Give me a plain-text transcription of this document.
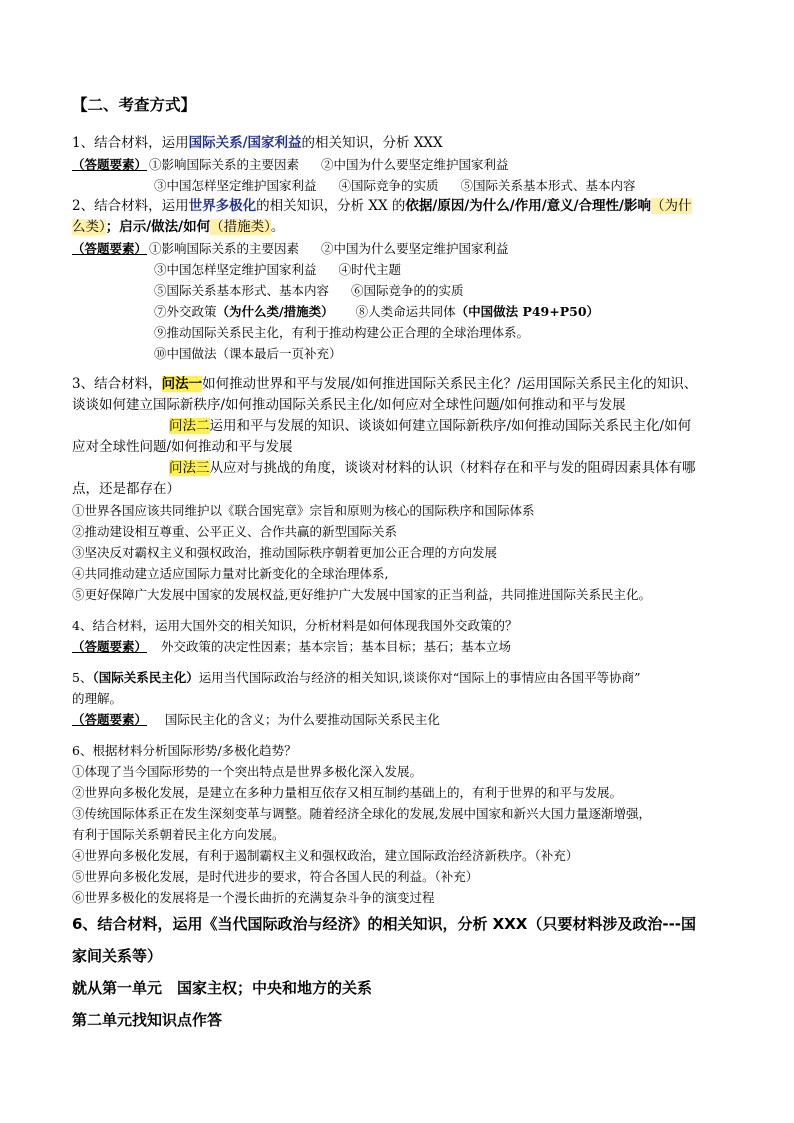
【二、考查方式】

1、结合材料，运用国际关系/国家利益的相关知识，分析 XXX

（答题要素） ①影响国际关系的主要因素 ②中国为什么要坚定维护国家利益

③中国怎样坚定维护国家利益 ④国际竞争的实质 ⑤国际关系基本形式、基本内容

2、结合材料，运用世界多极化的相关知识，分析 XX 的依据/原因/为什么/作用/意义/合理性/影响（为什

么类）；启示/做法/如何（措施类）。

（答题要素） ①影响国际关系的主要因素 ②中国为什么要坚定维护国家利益

③中国怎样坚定维护国家利益 ④时代主题

⑤国际关系基本形式、基本内容 ⑥国际竞争的的实质

⑦外交政策（为什么类/措施类） ⑧人类命运共同体（中国做法 P49+P50）

⑨推动国际关系民主化，有利于推动构建公正合理的全球治理体系。

⑩中国做法（课本最后一页补充）

3、结合材料，问法一如何推动世界和平与发展/如何推进国际关系民主化？/运用国际关系民主化的知识、

谈谈如何建立国际新秩序/如何推动国际关系民主化/如何应对全球性问题/如何推动和平与发展

问法二运用和平与发展的知识、谈谈如何建立国际新秩序/如何推动国际关系民主化/如何

应对全球性问题/如何推动和平与发展

问法三从应对与挑战的角度，谈谈对材料的认识（材料存在和平与发的阻碍因素具体有哪

点，还是都存在）

①世界各国应该共同维护以《联合国宪章》宗旨和原则为核心的国际秩序和国际体系

②推动建设相互尊重、公平正义、合作共赢的新型国际关系

③坚决反对霸权主义和强权政治，推动国际秩序朝着更加公正合理的方向发展

④共同推动建立适应国际力量对比新变化的全球治理体系,

⑤更好保障广大发展中国家的发展权益,更好维护广大发展中国家的正当利益，共同推进国际关系民主化。

4、结合材料，运用大国外交的相关知识，分析材料是如何体现我国外交政策的？

（答题要素） 外交政策的决定性因素；基本宗旨；基本目标；基石；基本立场

5、（国际关系民主化）运用当代国际政治与经济的相关知识,谈谈你对“国际上的事情应由各国平等协商”

的理解。

（答题要素） 国际民主化的含义；为什么要推动国际关系民主化

6、根据材料分析国际形势/多极化趋势？

①体现了当今国际形势的一个突出特点是世界多极化深入发展。

②世界向多极化发展，是建立在多种力量相互依存又相互制约基础上的，有利于世界的和平与发展。

③传统国际体系正在发生深刻变革与调整。随着经济全球化的发展,发展中国家和新兴大国力量逐渐增强，

有利于国际关系朝着民主化方向发展。

④世界向多极化发展，有利于遏制霸权主义和强权政治，建立国际政治经济新秩序。（补充）

⑤世界向多极化发展，是时代进步的要求，符合各国人民的利益。（补充）

⑥世界多极化的发展将是一个漫长曲折的充满复杂斗争的演变过程

6、结合材料，运用《当代国际政治与经济》的相关知识，分析 XXX（只要材料涉及政治---国

家间关系等）

就从第一单元　国家主权；中央和地方的关系

第二单元找知识点作答
